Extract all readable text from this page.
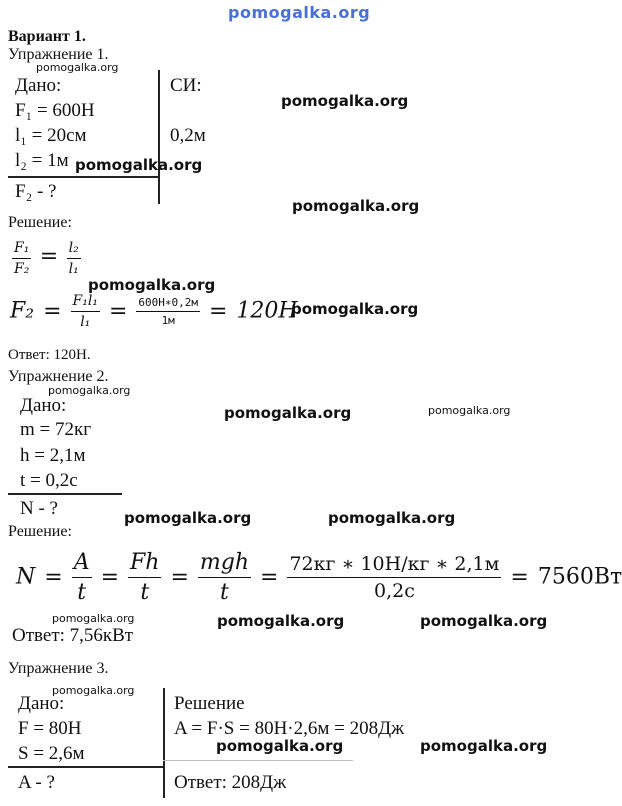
pomogalka.org
Вариант 1.
Упражнение 1.
pomogalka.org
Дано:
F₁ = 600Н
l₁ = 20см
l₂ = 1м
F₂ - ?
СИ:
0,2м
pomogalka.org
pomogalka.org
pomogalka.org
Решение:
$\frac{\text{F₁}}{\text{F₂}} = \frac{\text{l₂}}{\text{l₁}}$
pomogalka.org
$F_2 = \frac{\text{F₁l₁}}{\text{l₁}} = \frac{600Н∗0,2м}{1м} = 120Н$
pomogalka.org
Ответ: 120Н.
Упражнение 2.
pomogalka.org
Дано:
m = 72кг
h = 2,1м
t = 0,2с
N - ?
pomogalka.org	pomogalka.org
pomogalka.org	pomogalka.org
Решение:
$N = \frac{A}{t} = \frac{Fh}{t} = \frac{\text{mgh}}{t} = \frac{72кг ∗ 10Н/кг ∗ 2,1м}{0,2с} = 7560Вт$
pomogalka.org
Ответ: 7,56кВт
pomogalka.org	pomogalka.org
Упражнение 3.
pomogalka.org
Дано:
F = 80Н
S = 2,6м
A - ?
Решение
A = F·S = 80Н·2,6м = 208Дж
Ответ: 208Дж
pomogalka.org	pomogalka.org
